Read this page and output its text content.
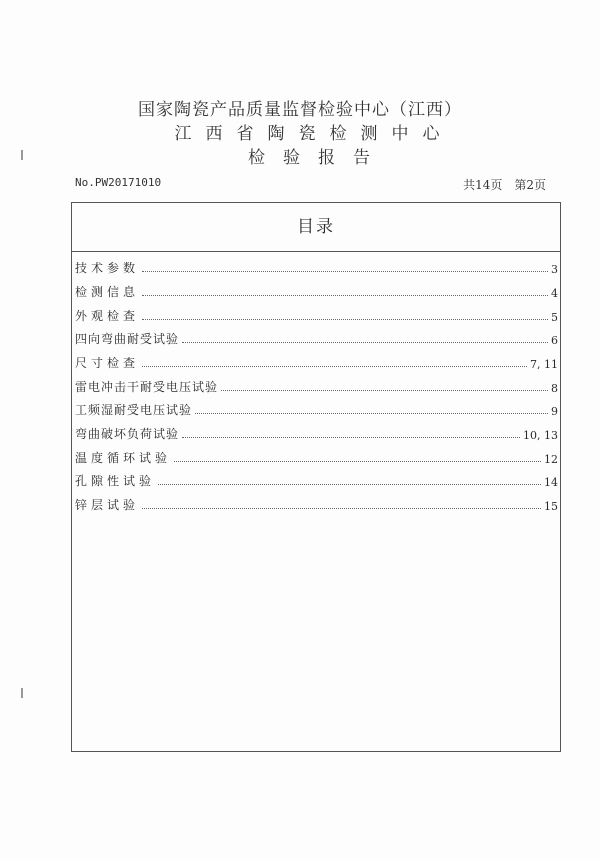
国家陶瓷产品质量监督检验中心（江西）
江西省陶瓷检测中心
检验报告
No.PW20171010	共14页　第2页
目录
技术参数	3
检测信息	4
外观检查	5
四向弯曲耐受试验	6
尺寸检查	7, 11
雷电冲击干耐受电压试验	8
工频湿耐受电压试验	9
弯曲破坏负荷试验	10, 13
温度循环试验	12
孔隙性试验	14
锌层试验	15
